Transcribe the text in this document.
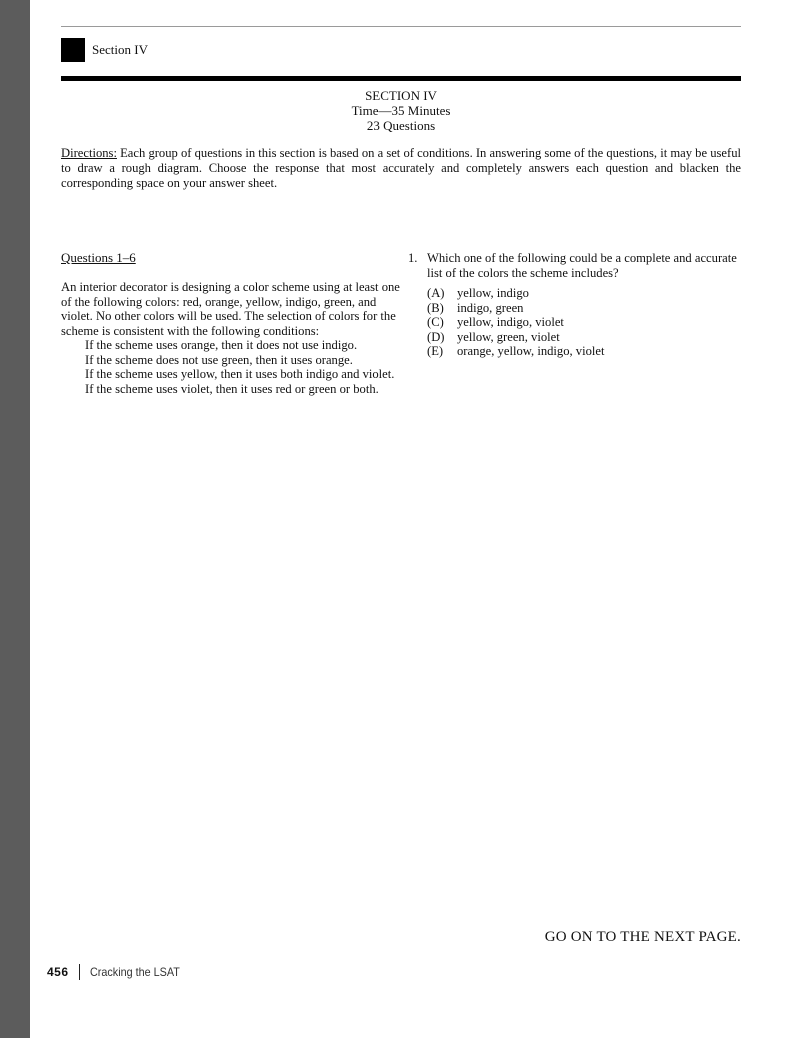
Section IV
SECTION IV
Time—35 Minutes
23 Questions
Directions: Each group of questions in this section is based on a set of conditions. In answering some of the questions, it may be useful to draw a rough diagram. Choose the response that most accurately and completely answers each question and blacken the corresponding space on your answer sheet.
Questions 1–6
An interior decorator is designing a color scheme using at least one of the following colors: red, orange, yellow, indigo, green, and violet. No other colors will be used. The selection of colors for the scheme is consistent with the following conditions:
If the scheme uses orange, then it does not use indigo.
If the scheme does not use green, then it uses orange.
If the scheme uses yellow, then it uses both indigo and violet.
If the scheme uses violet, then it uses red or green or both.
1. Which one of the following could be a complete and accurate list of the colors the scheme includes?
(A) yellow, indigo
(B)	indigo, green
(C)	yellow, indigo, violet
(D) yellow, green, violet
(E)	orange, yellow, indigo, violet
GO ON TO THE NEXT PAGE.
456 Cracking the LSAT
